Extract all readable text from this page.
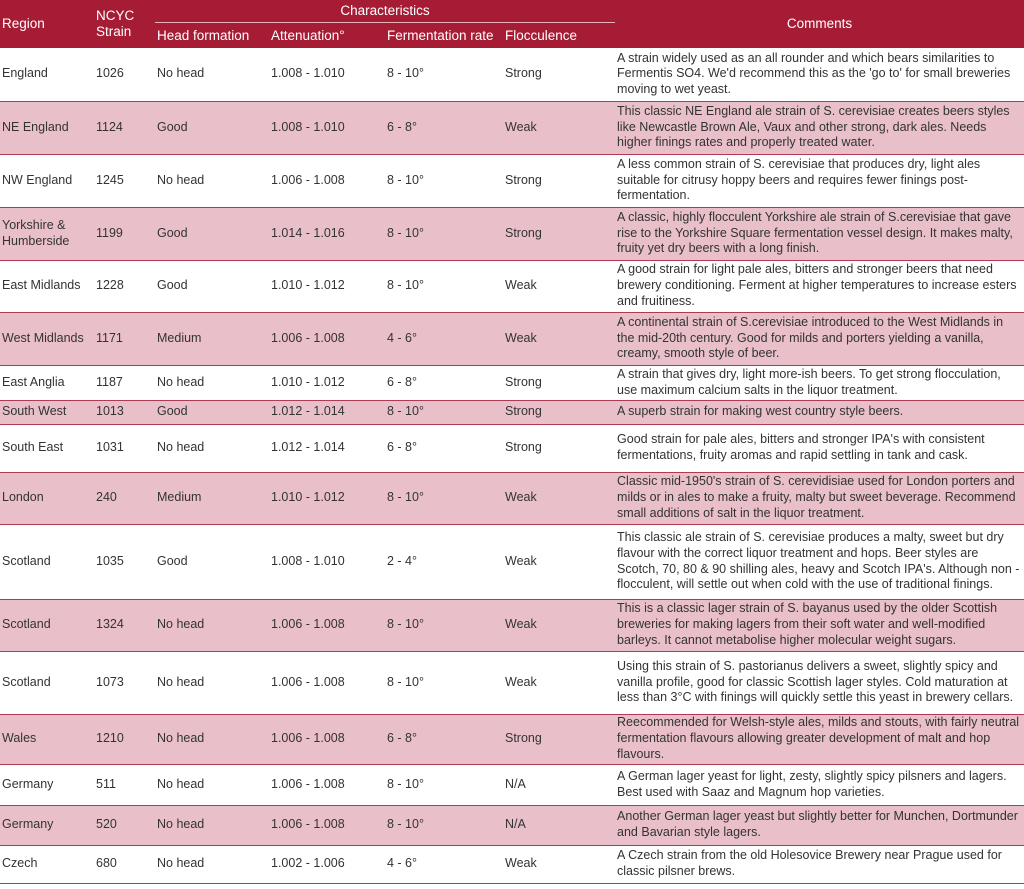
Region	NCYC Strain	Characteristics				Comments
		Head formation	Attenuation°	Fermentation rate	Flocculence	
England	1026	No head	1.008 - 1.010	8 - 10°	Strong	A strain widely used as an all rounder and which bears similarities to Fermentis SO4. We'd recommend this as the 'go to' for small breweries moving to wet yeast.
NE England	1124	Good	1.008 - 1.010	6 - 8°	Weak	This classic NE England ale strain of S. cerevisiae creates beers styles like Newcastle Brown Ale, Vaux and other strong, dark ales. Needs higher finings rates and properly treated water.
NW England	1245	No head	1.006 - 1.008	8 - 10°	Strong	A less common strain of S. cerevisiae that produces dry, light ales suitable for citrusy hoppy beers and requires fewer finings post-fermentation.
Yorkshire & Humberside	1199	Good	1.014 - 1.016	8 - 10°	Strong	A classic, highly flocculent Yorkshire ale strain of S.cerevisiae that gave rise to the Yorkshire Square fermentation vessel design. It makes malty, fruity yet dry beers with a long finish.
East Midlands	1228	Good	1.010 - 1.012	8 - 10°	Weak	A good strain for light pale ales, bitters and stronger beers that need brewery conditioning. Ferment at higher temperatures to increase esters and fruitiness.
West Midlands	1171	Medium	1.006 - 1.008	4 - 6°	Weak	A continental strain of S.cerevisiae introduced to the West Midlands in the mid-20th century. Good for milds and porters yielding a vanilla, creamy, smooth style of beer.
East Anglia	1187	No head	1.010 - 1.012	6 - 8°	Strong	A strain that gives dry, light more-ish beers. To get strong flocculation, use maximum calcium salts in the liquor treatment.
South West	1013	Good	1.012 - 1.014	8 - 10°	Strong	A superb strain for making west country style beers.
South East	1031	No head	1.012 - 1.014	6 - 8°	Strong	Good strain for pale ales, bitters and stronger IPA's with consistent fermentations, fruity aromas and rapid settling in tank and cask.
London	240	Medium	1.010 - 1.012	8 - 10°	Weak	Classic mid-1950's strain of S. cerevidisiae used for London porters and milds or in ales to make a fruity, malty but sweet beverage. Recommend small additions of salt in the liquor treatment.
Scotland	1035	Good	1.008 - 1.010	2 - 4°	Weak	This classic ale strain of S. cerevisiae produces a malty, sweet but dry flavour with the correct liquor treatment and hops. Beer styles are Scotch, 70, 80 & 90 shilling ales, heavy and Scotch IPA's. Although non -flocculent, will settle out when cold with the use of traditional finings.
Scotland	1324	No head	1.006 - 1.008	8 - 10°	Weak	This is a classic lager strain of S. bayanus used by the older Scottish breweries for making lagers from their soft water and well-modified barleys. It cannot metabolise higher molecular weight sugars.
Scotland	1073	No head	1.006 - 1.008	8 - 10°	Weak	Using this strain of S. pastorianus delivers a sweet, slightly spicy and vanilla profile, good for classic Scottish lager styles. Cold maturation at less than 3°C with finings will quickly settle this yeast in brewery cellars.
Wales	1210	No head	1.006 - 1.008	6 - 8°	Strong	Reecommended for Welsh-style ales, milds and stouts, with fairly neutral fermentation flavours allowing greater development of malt and hop flavours.
Germany	511	No head	1.006 - 1.008	8 - 10°	N/A	A German lager yeast for light, zesty, slightly spicy pilsners and lagers. Best used with Saaz and Magnum hop varieties.
Germany	520	No head	1.006 - 1.008	8 - 10°	N/A	Another German lager yeast but slightly better for Munchen, Dortmunder and Bavarian style lagers.
Czech	680	No head	1.002 - 1.006	4 - 6°	Weak	A Czech strain from the old Holesovice Brewery near Prague used for classic pilsner brews.
